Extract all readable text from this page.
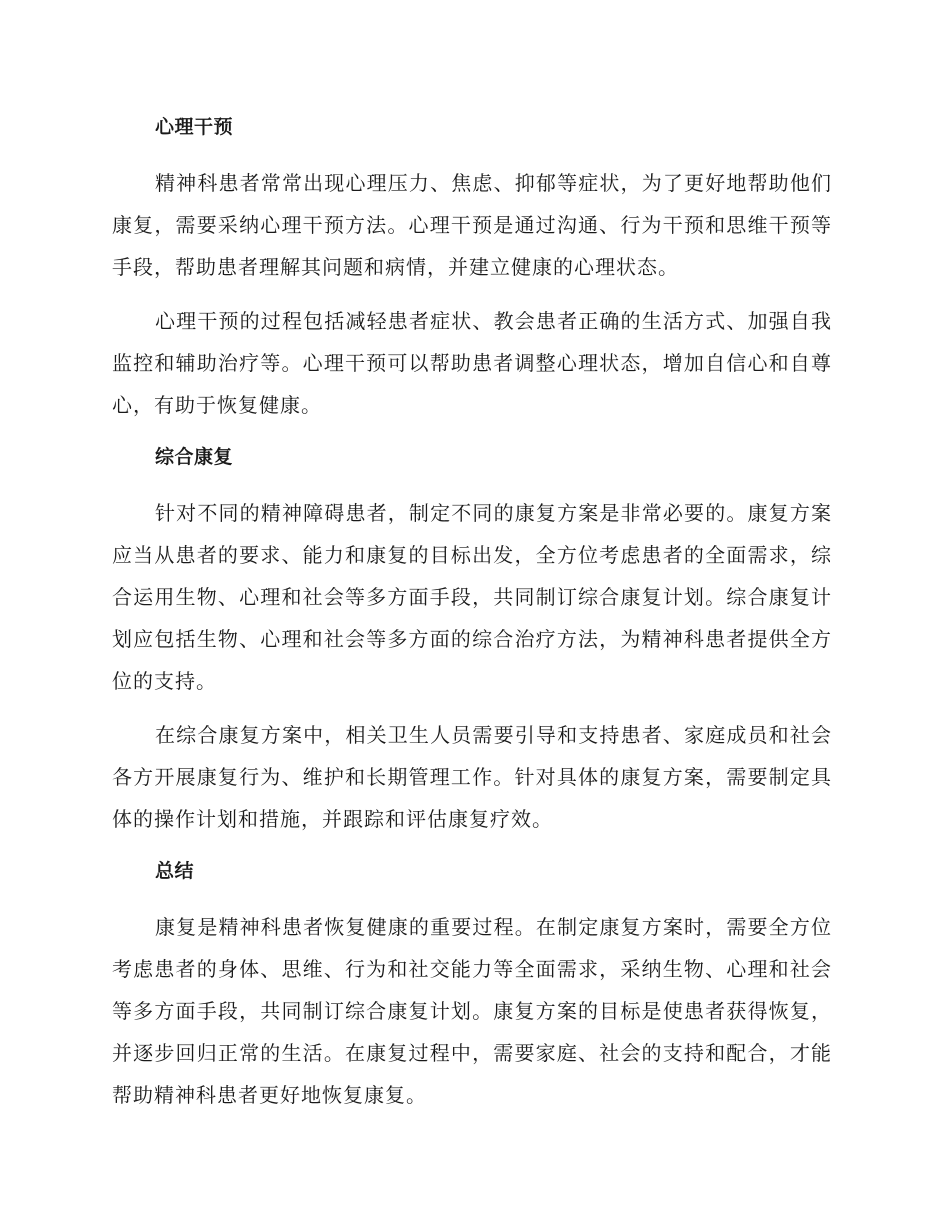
心理干预

精神科患者常常出现心理压力、焦虑、抑郁等症状，为了更好地帮助他们康复，需要采纳心理干预方法。心理干预是通过沟通、行为干预和思维干预等手段，帮助患者理解其问题和病情，并建立健康的心理状态。

心理干预的过程包括减轻患者症状、教会患者正确的生活方式、加强自我监控和辅助治疗等。心理干预可以帮助患者调整心理状态，增加自信心和自尊心，有助于恢复健康。

综合康复

针对不同的精神障碍患者，制定不同的康复方案是非常必要的。康复方案应当从患者的要求、能力和康复的目标出发，全方位考虑患者的全面需求，综合运用生物、心理和社会等多方面手段，共同制订综合康复计划。综合康复计划应包括生物、心理和社会等多方面的综合治疗方法，为精神科患者提供全方位的支持。

在综合康复方案中，相关卫生人员需要引导和支持患者、家庭成员和社会各方开展康复行为、维护和长期管理工作。针对具体的康复方案，需要制定具体的操作计划和措施，并跟踪和评估康复疗效。

总结

康复是精神科患者恢复健康的重要过程。在制定康复方案时，需要全方位考虑患者的身体、思维、行为和社交能力等全面需求，采纳生物、心理和社会等多方面手段，共同制订综合康复计划。康复方案的目标是使患者获得恢复，并逐步回归正常的生活。在康复过程中，需要家庭、社会的支持和配合，才能帮助精神科患者更好地恢复康复。
